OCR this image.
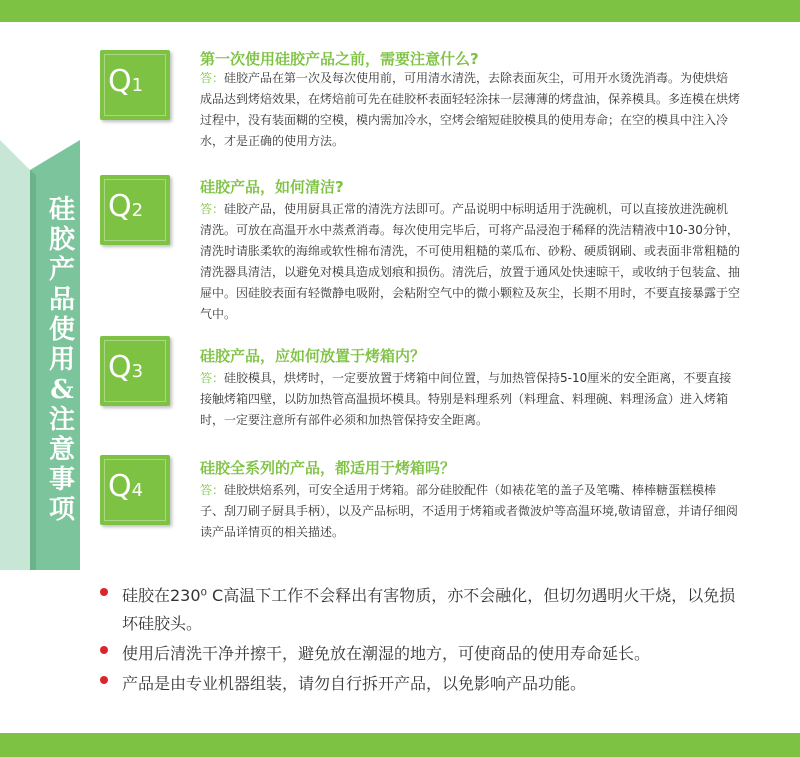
硅
胶
产
品
使
用
&
注
意
事
项
Q1
第一次使用硅胶产品之前，需要注意什么?
答：硅胶产品在第一次及每次使用前，可用清水清洗，去除表面灰尘，可用开水烫洗消毒。为使烘焙成品达到烤焙效果，在烤焙前可先在硅胶杯表面轻轻涂抹一层薄薄的烤盘油，保养模具。多连模在烘烤过程中，没有装面糊的空模，模内需加冷水，空烤会缩短硅胶模具的使用寿命；在空的模具中注入冷水，才是正确的使用方法。
Q2
硅胶产品，如何清洁?
答：硅胶产品，使用厨具正常的清洗方法即可。产品说明中标明适用于洗碗机，可以直接放进洗碗机清洗。可放在高温开水中蒸煮消毒。每次使用完毕后，可将产品浸泡于稀释的洗洁精液中10-30分钟，清洗时请胀柔软的海绵或软性棉布清洗，不可使用粗糙的菜瓜布、砂粉、硬质钢刷、或表面非常粗糙的清洗器具清洁，以避免对模具造成划痕和损伤。清洗后，放置于通风处快速晾干，或收纳于包装盒、抽屉中。因硅胶表面有轻微静电吸附，会粘附空气中的微小颗粒及灰尘，长期不用时，不要直接暴露于空气中。
Q3
硅胶产品，应如何放置于烤箱内？
答：硅胶模具，烘烤时，一定要放置于烤箱中间位置，与加热管保持5-10厘米的安全距离，不要直接接触烤箱四壁，以防加热管高温损坏模具。特别是料理系列（料理盒、料理碗、料理汤盒）进入烤箱时，一定要注意所有部件必须和加热管保持安全距离。
Q4
硅胶全系列的产品，都适用于烤箱吗？
答：硅胶烘焙系列，可安全适用于烤箱。部分硅胶配件（如裱花笔的盖子及笔嘴、棒棒糖蛋糕模棒子、刮刀刷子厨具手柄），以及产品标明，不适用于烤箱或者微波炉等高温环境,敬请留意，并请仔细阅读产品详情页的相关描述。
硅胶在230⁰ C高温下工作不会释出有害物质，亦不会融化，但切勿遇明火干烧，以免损坏硅胶头。
使用后清洗干净并擦干，避免放在潮湿的地方，可使商品的使用寿命延长。
产品是由专业机器组装，请勿自行拆开产品，以免影响产品功能。
